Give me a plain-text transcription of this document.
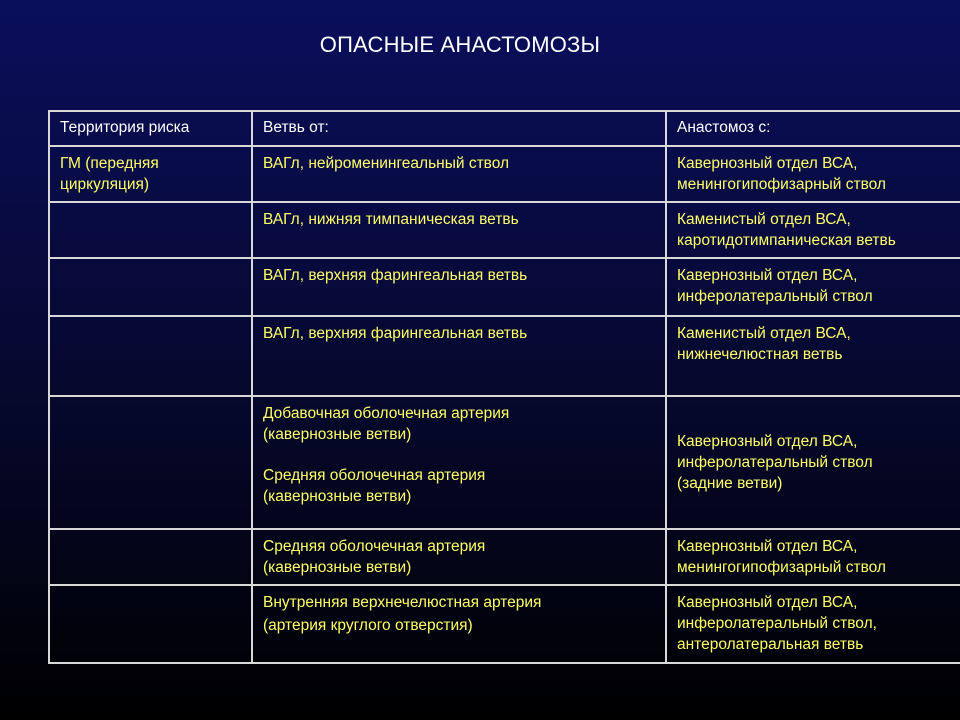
ОПАСНЫЕ АНАСТОМОЗЫ
Территория риска	Ветвь от:	Анастомоз с:

ГМ (передняя
циркуляция)	ВАГл, нейроменингеальный ствол	Кавернозный отдел ВСА,
менингогипофизарный ствол

	ВАГл, нижняя тимпаническая ветвь	Каменистый отдел ВСА,
каротидотимпаническая ветвь

	ВАГл, верхняя фарингеальная ветвь	Кавернозный отдел ВСА,
инферолатеральный ствол

	ВАГл, верхняя фарингеальная ветвь	Каменистый отдел ВСА,
нижнечелюстная ветвь

	Добавочная оболочечная артерия
(кавернозные ветви)
Средняя оболочечная артерия
(кавернозные ветви)	Кавернозный отдел ВСА,
инферолатеральный ствол
(задние ветви)

	Средняя оболочечная артерия
(кавернозные ветви)	Кавернозный отдел ВСА,
менингогипофизарный ствол

	Внутренняя верхнечелюстная артерия
(артерия круглого отверстия)	Кавернозный отдел ВСА,
инферолатеральный ствол,
антеролатеральная ветвь
